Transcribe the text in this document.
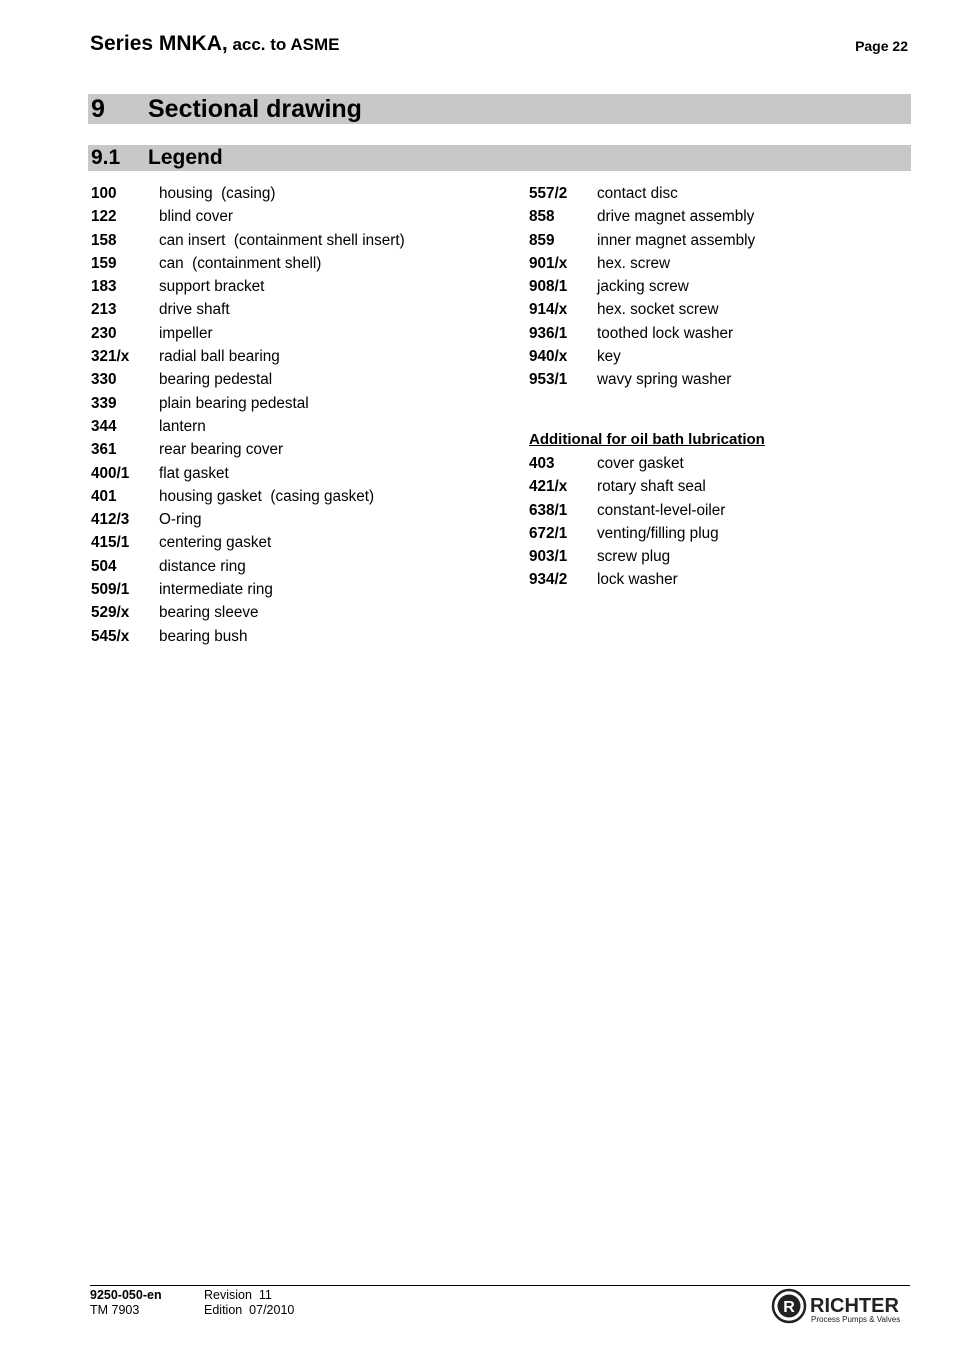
Series MNKA, acc. to ASME	Page 22
9 Sectional drawing
9.1 Legend
100	housing  (casing)
122	blind cover
158	can insert  (containment shell insert)
159	can  (containment shell)
183	support bracket
213	drive shaft
230	impeller
321/x radial ball bearing
330	bearing pedestal
339	plain bearing pedestal
344	lantern
361	rear bearing cover
400/1 flat gasket
401	housing gasket  (casing gasket)
412/3 O-ring
415/1 centering gasket
504	distance ring
509/1 intermediate ring
529/x bearing sleeve
545/x bearing bush
557/2 contact disc
858	drive magnet assembly
859	inner magnet assembly
901/x hex. screw
908/1 jacking screw
914/x hex. socket screw
936/1 toothed lock washer
940/x key
953/1 wavy spring washer
Additional for oil bath lubrication
403	cover gasket
421/x rotary shaft seal
638/1 constant-level-oiler
672/1 venting/filling plug
903/1 screw plug
934/2 lock washer
9250-050-en
TM 7903
Revision  11
Edition  07/2010	R RICHTER
Process Pumps & Valves
